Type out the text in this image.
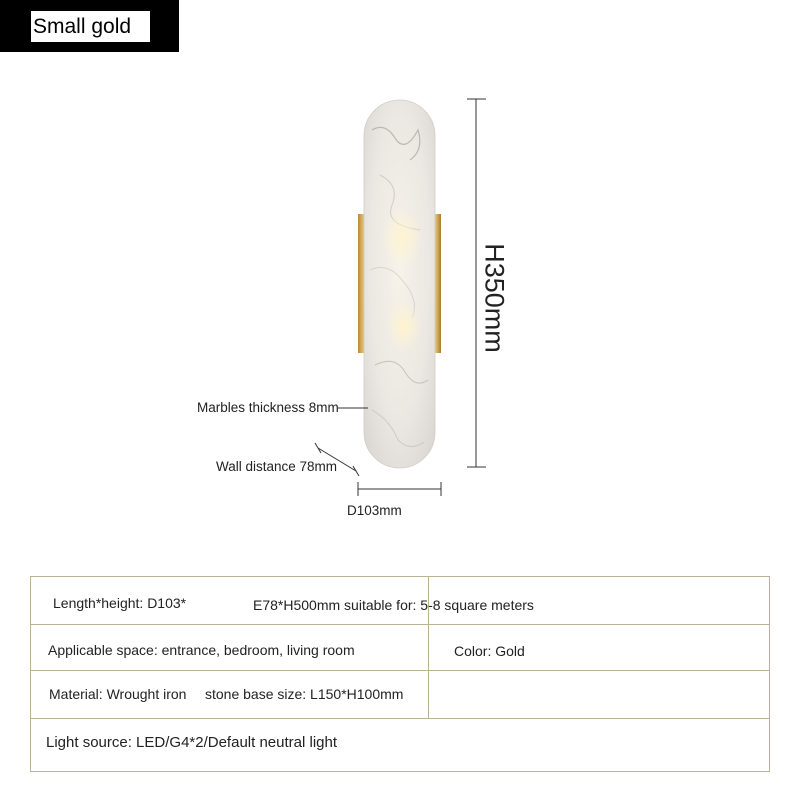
Small gold
Marbles thickness 8mm
Wall distance 78mm
H350mm
D103mm
Length*height: D103*	E78*H500mm suitable for: 5-8 square meters
Applicable space: entrance, bedroom, living room	Color: Gold
Material: Wrought iron stone base size: L150*H100mm
Light source: LED/G4*2/Default neutral light
